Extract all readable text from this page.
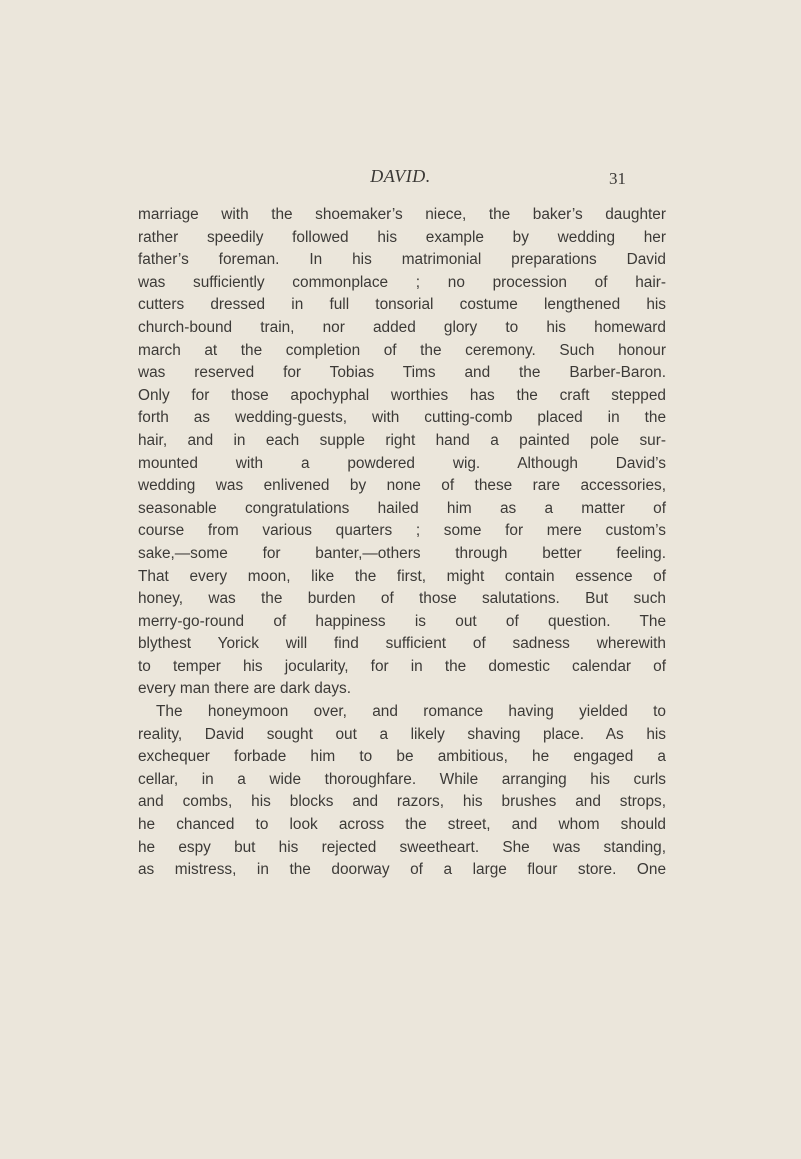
DAVID.	31
marriage with the shoemaker’s niece, the baker’s daughter
rather speedily followed his example by wedding her
father’s foreman. In his matrimonial preparations David
was sufficiently commonplace ; no procession of hair-
cutters dressed in full tonsorial costume lengthened his
church-bound train, nor added glory to his homeward
march at the completion of the ceremony. Such honour
was reserved for Tobias Tims and the Barber-Baron.
Only for those apochyphal worthies has the craft stepped
forth as wedding-guests, with cutting-comb placed in the
hair, and in each supple right hand a painted pole sur-
mounted with a powdered wig. Although David’s
wedding was enlivened by none of these rare accessories,
seasonable congratulations hailed him as a matter of
course from various quarters ; some for mere custom’s
sake,—some for banter,—others through better feeling.
That every moon, like the first, might contain essence of
honey, was the burden of those salutations. But such
merry-go-round of happiness is out of question. The
blythest Yorick will find sufficient of sadness wherewith
to temper his jocularity, for in the domestic calendar of
every man there are dark days.
The honeymoon over, and romance having yielded to
reality, David sought out a likely shaving place. As his
exchequer forbade him to be ambitious, he engaged a
cellar, in a wide thoroughfare. While arranging his curls
and combs, his blocks and razors, his brushes and strops,
he chanced to look across the street, and whom should
he espy but his rejected sweetheart. She was standing,
as mistress, in the doorway of a large flour store. One
